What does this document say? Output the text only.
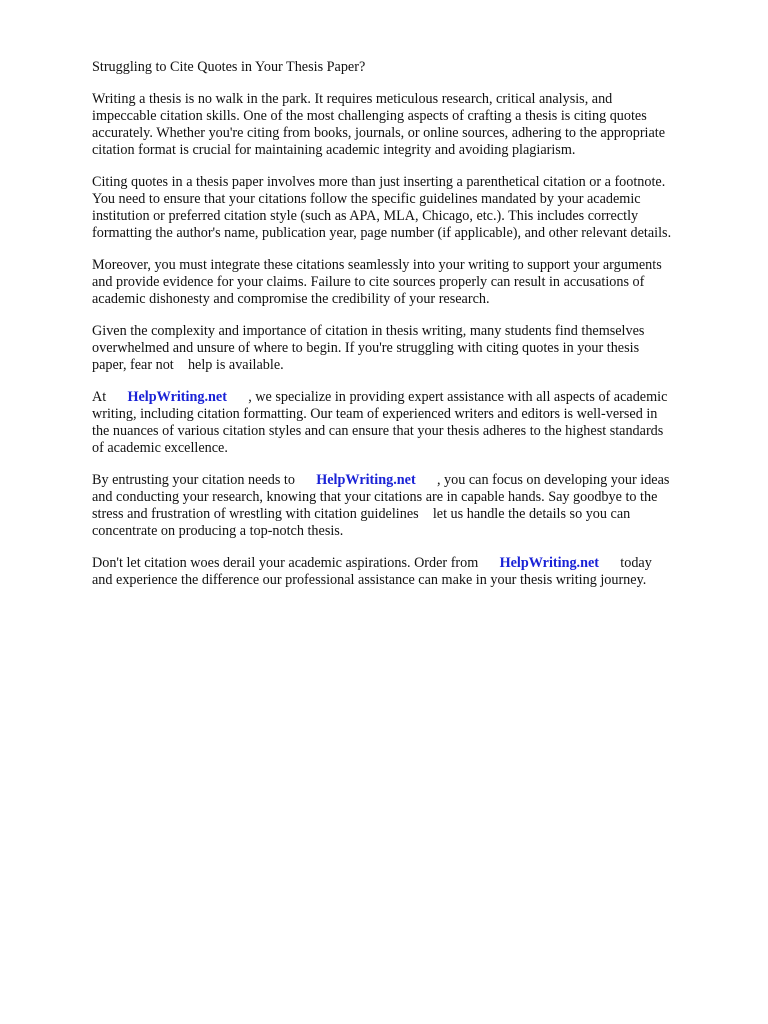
Struggling to Cite Quotes in Your Thesis Paper?

Writing a thesis is no walk in the park. It requires meticulous research, critical analysis, and
impeccable citation skills. One of the most challenging aspects of crafting a thesis is citing quotes
accurately. Whether you're citing from books, journals, or online sources, adhering to the appropriate
citation format is crucial for maintaining academic integrity and avoiding plagiarism.

Citing quotes in a thesis paper involves more than just inserting a parenthetical citation or a footnote.
You need to ensure that your citations follow the specific guidelines mandated by your academic
institution or preferred citation style (such as APA, MLA, Chicago, etc.). This includes correctly
formatting the author's name, publication year, page number (if applicable), and other relevant details.

Moreover, you must integrate these citations seamlessly into your writing to support your arguments
and provide evidence for your claims. Failure to cite sources properly can result in accusations of
academic dishonesty and compromise the credibility of your research.

Given the complexity and importance of citation in thesis writing, many students find themselves
overwhelmed and unsure of where to begin. If you're struggling with citing quotes in your thesis
paper, fear not    help is available.

At      HelpWriting.net      , we specialize in providing expert assistance with all aspects of academic
writing, including citation formatting. Our team of experienced writers and editors is well-versed in
the nuances of various citation styles and can ensure that your thesis adheres to the highest standards
of academic excellence.

By entrusting your citation needs to      HelpWriting.net      , you can focus on developing your ideas
and conducting your research, knowing that your citations are in capable hands. Say goodbye to the
stress and frustration of wrestling with citation guidelines    let us handle the details so you can
concentrate on producing a top-notch thesis.

Don't let citation woes derail your academic aspirations. Order from      HelpWriting.net      today
and experience the difference our professional assistance can make in your thesis writing journey.
